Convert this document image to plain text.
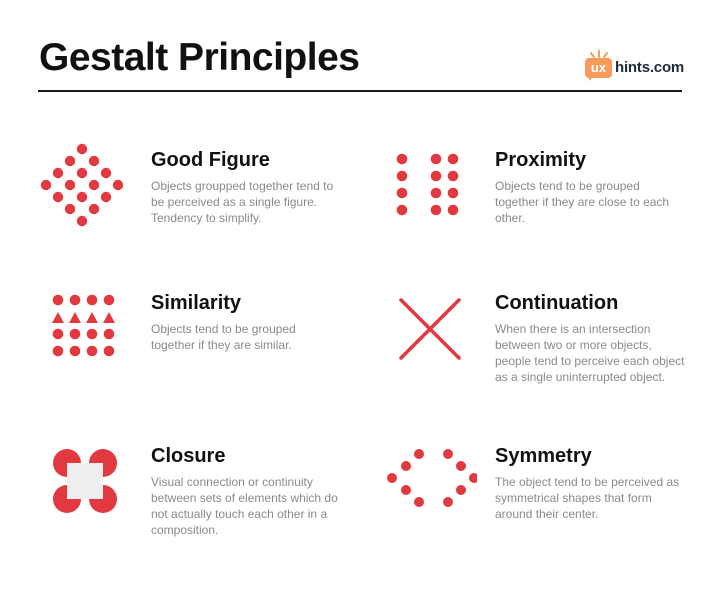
Gestalt Principles	ux hints.com
Good Figure
Objects groupped together tend to be perceived as a single figure. Tendency to simplify.
Proximity
Objects tend to be grouped together if they are close to each other.
Similarity
Objects tend to be grouped together if they are similar.
Continuation
When there is an intersection between two or more objects, people tend to perceive each object as a single uninterrupted object.
Closure
Visual connection or continuity between sets of elements which do not actually touch each other in a composition.
Symmetry
The object tend to be perceived as symmetrical shapes that form around their center.
